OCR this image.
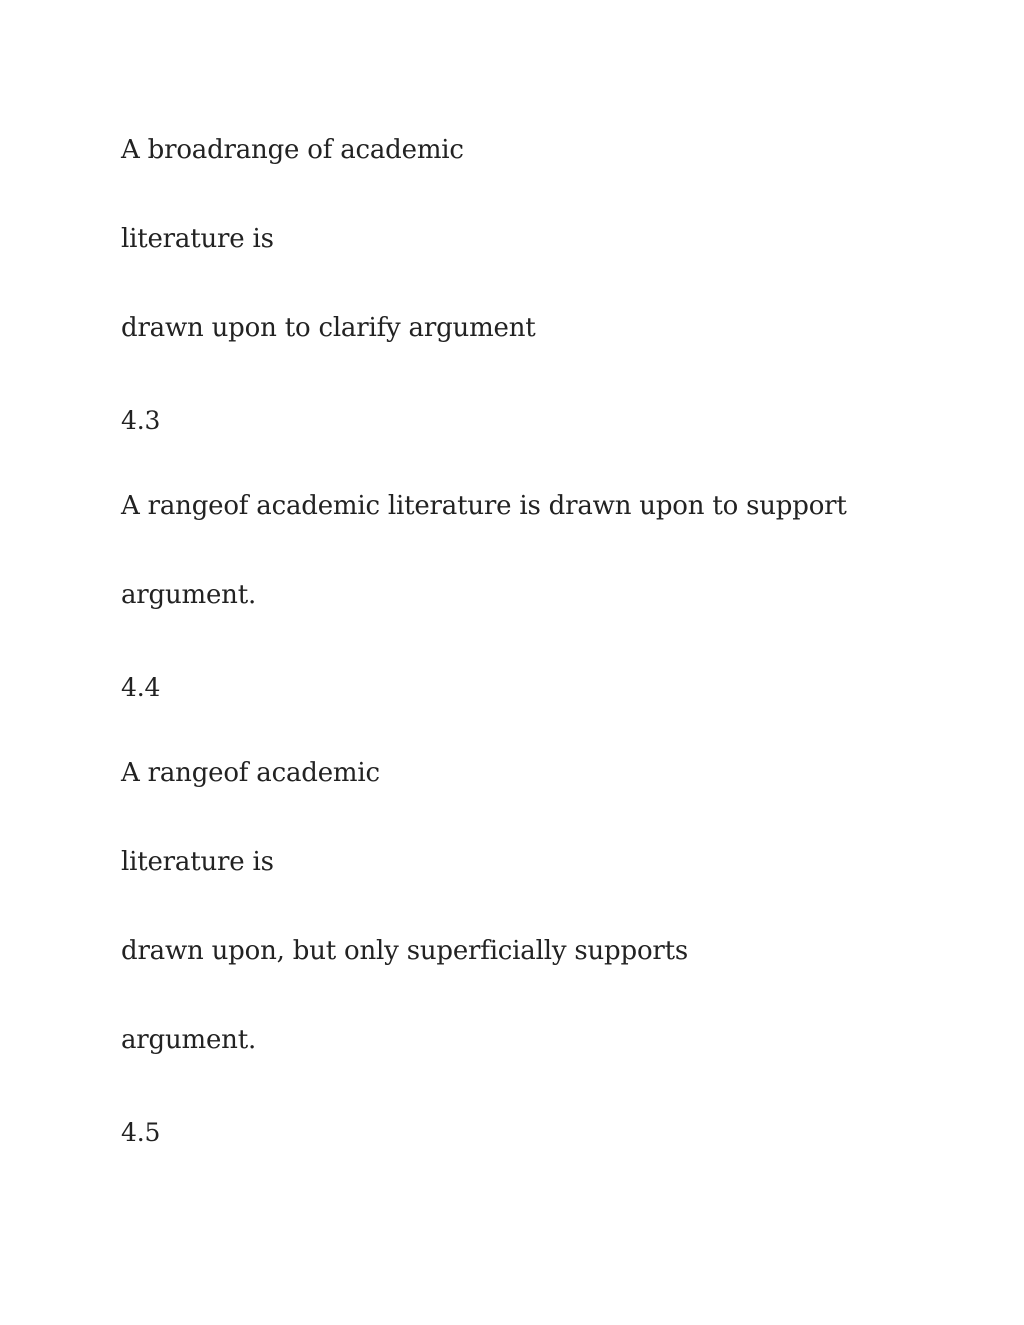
A broadrange of academic

literature is

drawn upon to clarify argument

4.3

A rangeof academic literature is drawn upon to support

argument.

4.4

A rangeof academic

literature is

drawn upon, but only superficially supports

argument.

4.5
